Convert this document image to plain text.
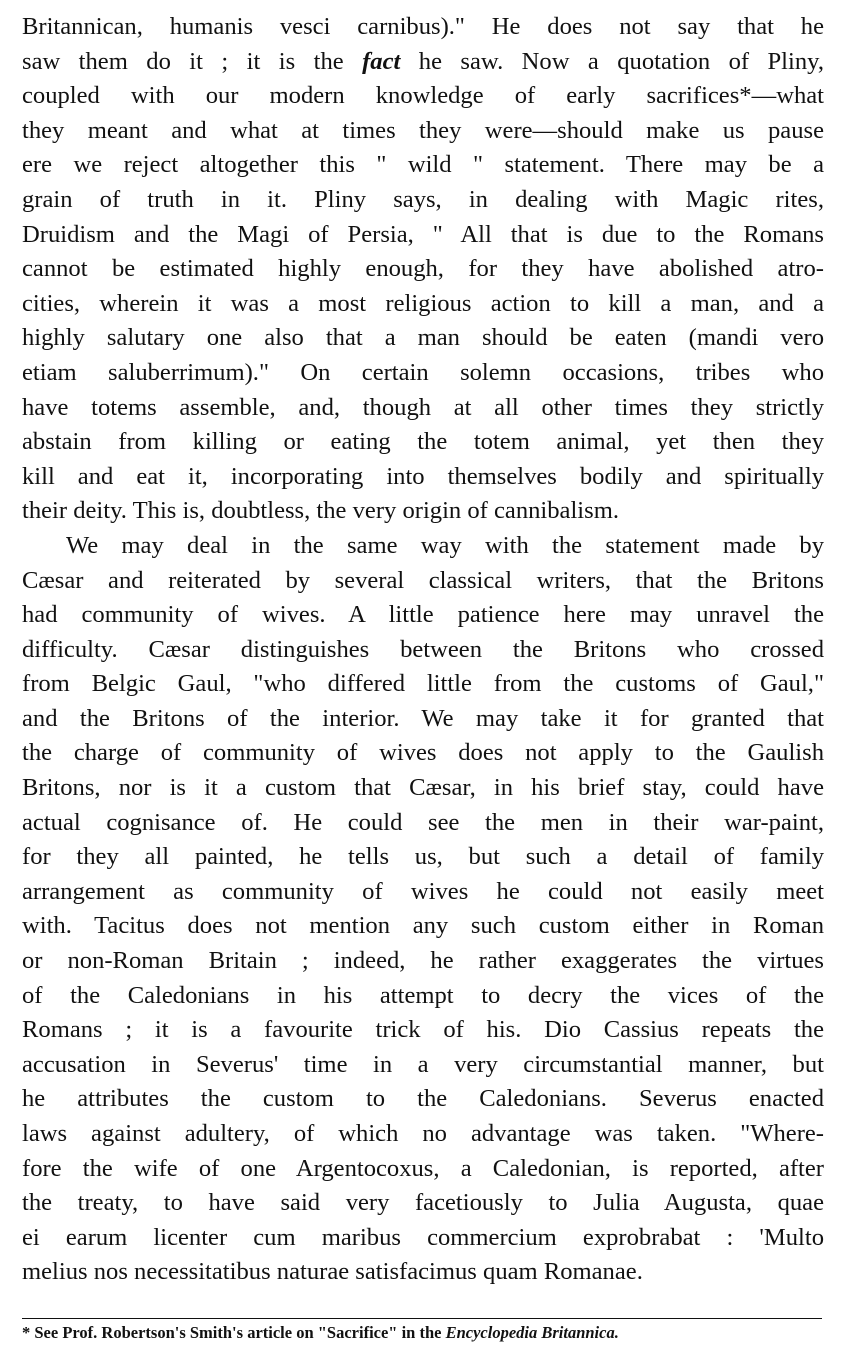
Britannican, humanis vesci carnibus)." He does not say that he
saw them do it ; it is the fact he saw. Now a quotation of Pliny,
coupled with our modern knowledge of early sacrifices*—what
they meant and what at times they were—should make us pause
ere we reject altogether this " wild " statement. There may be a
grain of truth in it. Pliny says, in dealing with Magic rites,
Druidism and the Magi of Persia, " All that is due to the Romans
cannot be estimated highly enough, for they have abolished atro-
cities, wherein it was a most religious action to kill a man, and a
highly salutary one also that a man should be eaten (mandi vero
etiam saluberrimum)." On certain solemn occasions, tribes who
have totems assemble, and, though at all other times they strictly
abstain from killing or eating the totem animal, yet then they
kill and eat it, incorporating into themselves bodily and spiritually
their deity. This is, doubtless, the very origin of cannibalism.
We may deal in the same way with the statement made by
Cæsar and reiterated by several classical writers, that the Britons
had community of wives. A little patience here may unravel the
difficulty. Cæsar distinguishes between the Britons who crossed
from Belgic Gaul, "who differed little from the customs of Gaul,"
and the Britons of the interior. We may take it for granted that
the charge of community of wives does not apply to the Gaulish
Britons, nor is it a custom that Cæsar, in his brief stay, could have
actual cognisance of. He could see the men in their war-paint,
for they all painted, he tells us, but such a detail of family
arrangement as community of wives he could not easily meet
with. Tacitus does not mention any such custom either in Roman
or non-Roman Britain ; indeed, he rather exaggerates the virtues
of the Caledonians in his attempt to decry the vices of the
Romans ; it is a favourite trick of his. Dio Cassius repeats the
accusation in Severus' time in a very circumstantial manner, but
he attributes the custom to the Caledonians. Severus enacted
laws against adultery, of which no advantage was taken. "Where-
fore the wife of one Argentocoxus, a Caledonian, is reported, after
the treaty, to have said very facetiously to Julia Augusta, quae
ei earum licenter cum maribus commercium exprobrabat : 'Multo
melius nos necessitatibus naturae satisfacimus quam Romanae.
* See Prof. Robertson's Smith's article on "Sacrifice" in the Encyclopedia Britannica.
